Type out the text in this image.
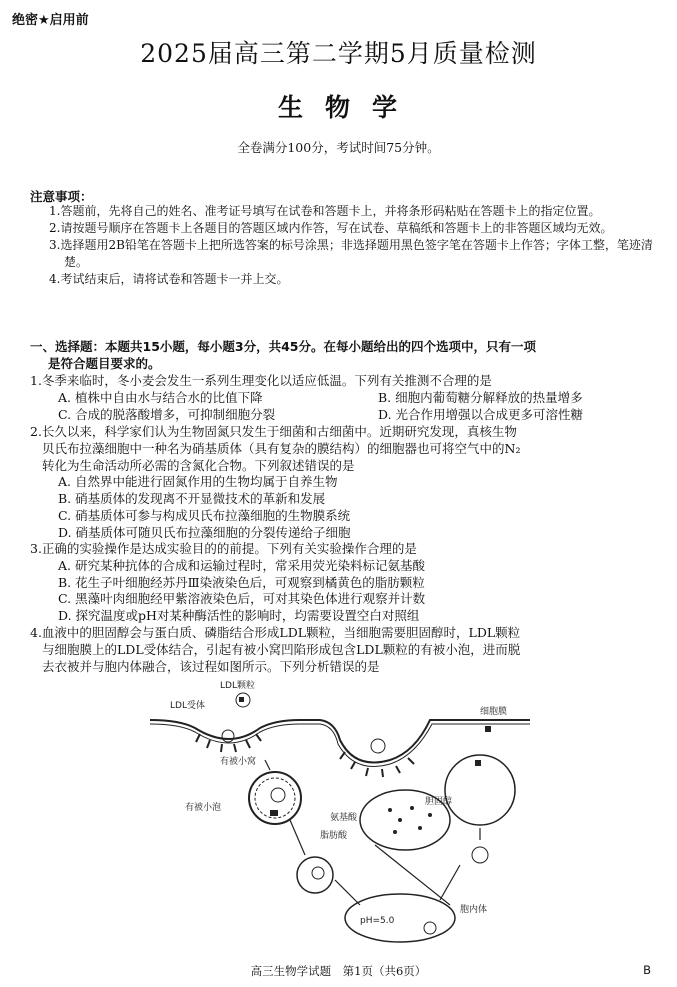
绝密★启用前
2025届高三第二学期5月质量检测
生物学
全卷满分100分，考试时间75分钟。
注意事项：
1.答题前，先将自己的姓名、准考证号填写在试卷和答题卡上，并将条形码粘贴在答题卡上的指定位置。
2.请按题号顺序在答题卡上各题目的答题区域内作答，写在试卷、草稿纸和答题卡上的非答题区域均无效。
3.选择题用2B铅笔在答题卡上把所选答案的标号涂黑；非选择题用黑色签字笔在答题卡上作答；字体工整，笔迹清楚。
4.考试结束后，请将试卷和答题卡一并上交。
一、选择题：本题共15小题，每小题3分，共45分。在每小题给出的四个选项中，只有一项
是符合题目要求的。
1.冬季来临时，冬小麦会发生一系列生理变化以适应低温。下列有关推测不合理的是
A. 植株中自由水与结合水的比值下降	B. 细胞内葡萄糖分解释放的热量增多
C. 合成的脱落酸增多，可抑制细胞分裂	D. 光合作用增强以合成更多可溶性糖
2.长久以来，科学家们认为生物固氮只发生于细菌和古细菌中。近期研究发现，真核生物
贝氏布拉藻细胞中一种名为硝基质体（具有复杂的膜结构）的细胞器也可将空气中的N₂
转化为生命活动所必需的含氮化合物。下列叙述错误的是
A. 自然界中能进行固氮作用的生物均属于自养生物
B. 硝基质体的发现离不开显微技术的革新和发展
C. 硝基质体可参与构成贝氏布拉藻细胞的生物膜系统
D. 硝基质体可随贝氏布拉藻细胞的分裂传递给子细胞
3.正确的实验操作是达成实验目的的前提。下列有关实验操作合理的是
A. 研究某种抗体的合成和运输过程时，常采用荧光染料标记氨基酸
B. 花生子叶细胞经苏丹Ⅲ染液染色后，可观察到橘黄色的脂肪颗粒
C. 黑藻叶肉细胞经甲紫溶液染色后，可对其染色体进行观察并计数
D. 探究温度或pH对某种酶活性的影响时，均需要设置空白对照组
4.血液中的胆固醇会与蛋白质、磷脂结合形成LDL颗粒，当细胞需要胆固醇时，LDL颗粒
与细胞膜上的LDL受体结合，引起有被小窝凹陷形成包含LDL颗粒的有被小泡，进而脱
去衣被并与胞内体融合，该过程如图所示。下列分析错误的是
LDL颗粒
LDL受体
有被小窝
细胞膜
有被小泡
氨基酸
胆固醇
脂肪酸
pH=5.0
胞内体
高三生物学试题　第1页（共6页）	B
